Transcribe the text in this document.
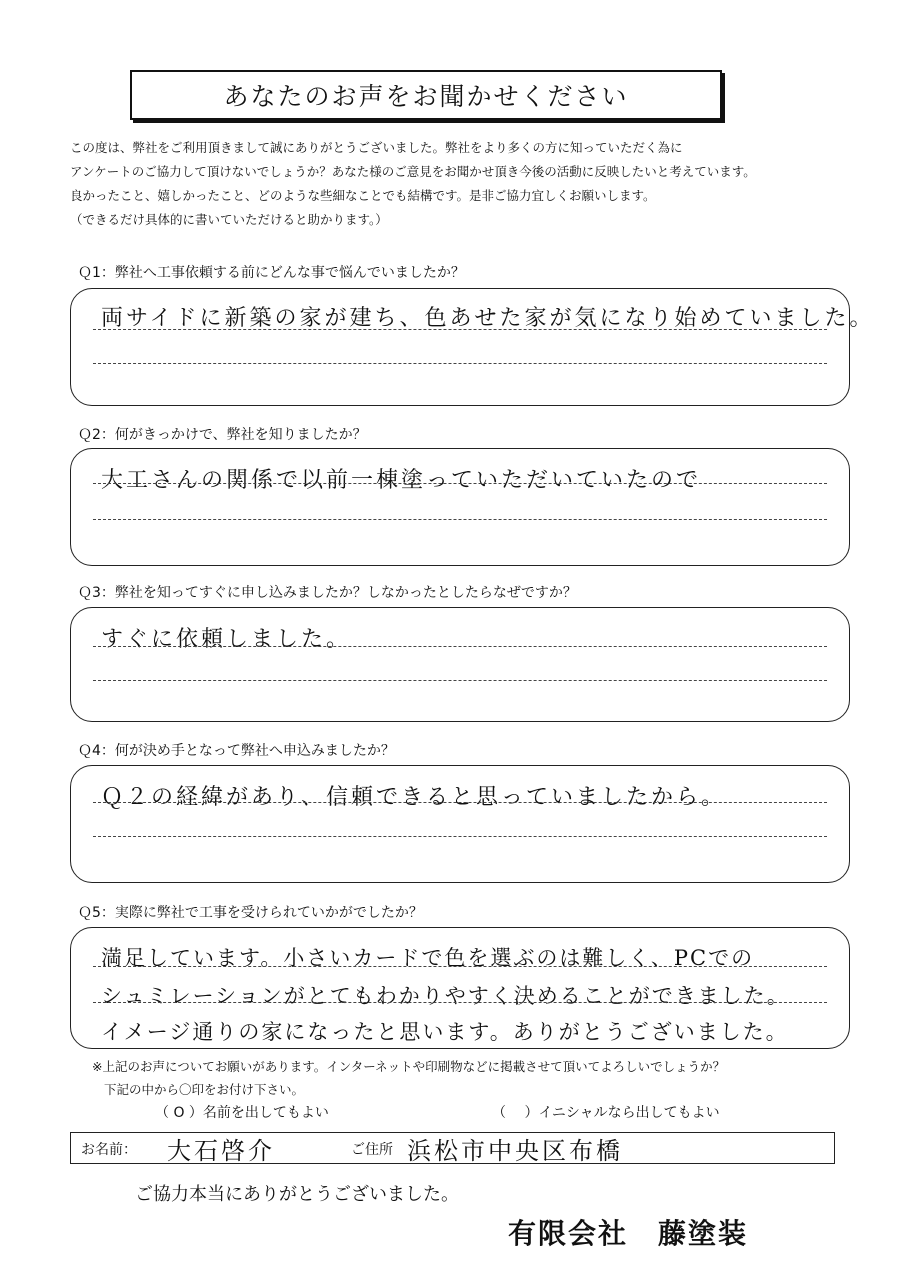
あなたのお声をお聞かせください
この度は、弊社をご利用頂きまして誠にありがとうございました。弊社をより多くの方に知っていただく為に
アンケートのご協力して頂けないでしょうか？あなた様のご意見をお聞かせ頂き今後の活動に反映したいと考えています。
良かったこと、嬉しかったこと、どのような些細なことでも結構です。是非ご協力宜しくお願いします。
（できるだけ具体的に書いていただけると助かります。）
Ｑ1：弊社へ工事依頼する前にどんな事で悩んでいましたか？
両サイドに新築の家が建ち、色あせた家が気になり始めていました。
Ｑ2：何がきっかけで、弊社を知りましたか？
大工さんの関係で以前一棟塗っていただいていたので
Ｑ3：弊社を知ってすぐに申し込みましたか？しなかったとしたらなぜですか？
すぐに依頼しました。
Ｑ4：何が決め手となって弊社へ申込みましたか？
Ｑ２の経緯があり、信頼できると思っていましたから。
Ｑ5：実際に弊社で工事を受けられていかがでしたか？
満足しています。小さいカードで色を選ぶのは難しく、PCでの
シュミレーションがとてもわかりやすく決めることができました。
イメージ通りの家になったと思います。ありがとうございました。
※上記のお声についてお願いがあります。インターネットや印刷物などに掲載させて頂いてよろしいでしょうか？
下記の中から〇印をお付け下さい。
（ O ）名前を出してもよい	（　 ）イニシャルなら出してもよい
お名前： 大石啓介	ご住所 浜松市中央区布橋
ご協力本当にありがとうございました。
有限会社　藤塗装
